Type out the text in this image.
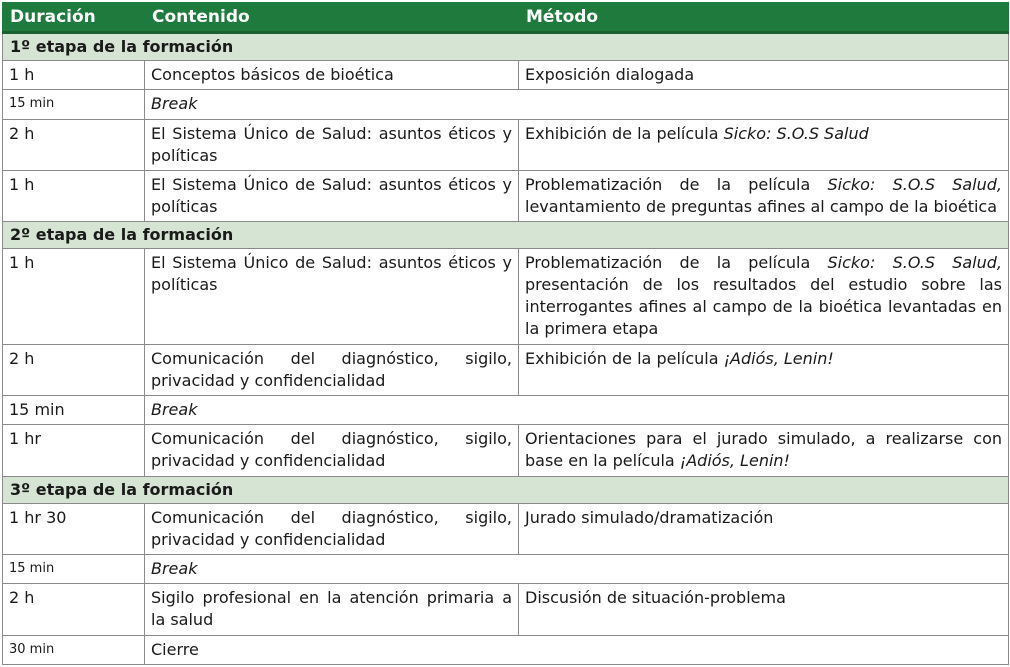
Duración	Contenido	Método
1º etapa de la formación		
1 h	Conceptos básicos de bioética	Exposición dialogada
15 min	Break	
2 h	El Sistema Único de Salud: asuntos éticos y políticas	Exhibición de la película Sicko: S.O.S Salud
1 h	El Sistema Único de Salud: asuntos éticos y políticas	Problematización de la película Sicko: S.O.S Salud, levantamiento de preguntas afines al campo de la bioética
2º etapa de la formación		
1 h	El Sistema Único de Salud: asuntos éticos y políticas	Problematización de la película Sicko: S.O.S Salud, presentación de los resultados del estudio sobre las interrogantes afines al campo de la bioética levantadas en la primera etapa
2 h	Comunicación del diagnóstico, sigilo, privacidad y confidencialidad	Exhibición de la película ¡Adiós, Lenin!
15 min	Break	
1 hr	Comunicación del diagnóstico, sigilo, privacidad y confidencialidad	Orientaciones para el jurado simulado, a realizarse con base en la película ¡Adiós, Lenin!
3º etapa de la formación		
1 hr 30	Comunicación del diagnóstico, sigilo, privacidad y confidencialidad	Jurado simulado/dramatización
15 min	Break	
2 h	Sigilo profesional en la atención primaria a la salud	Discusión de situación-problema
30 min	Cierre	
